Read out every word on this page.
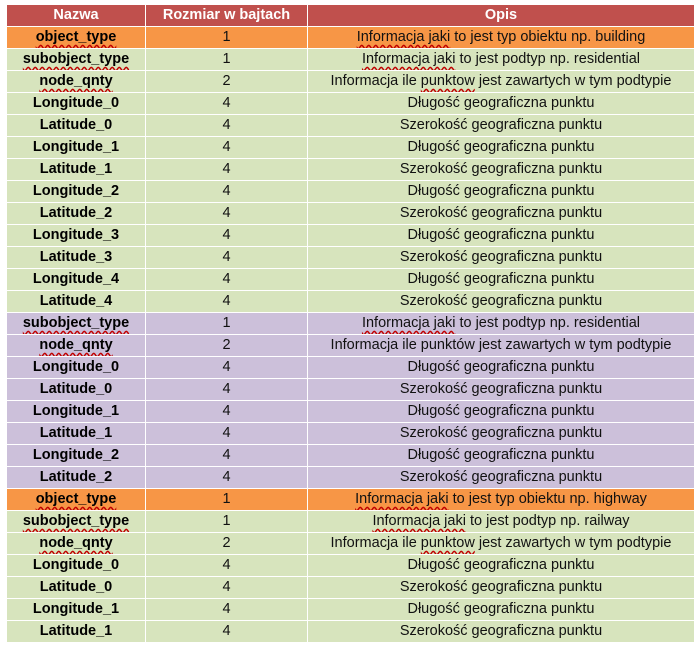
Nazwa	Rozmiar w bajtach	Opis
object_type	1	Informacja jaki to jest typ obiektu np. building
subobject_type	1	Informacja jaki to jest podtyp np. residential
node_qnty	2	Informacja ile punktow jest zawartych w tym podtypie
Longitude_0	4	Długość geograficzna punktu
Latitude_0	4	Szerokość geograficzna punktu
Longitude_1	4	Długość geograficzna punktu
Latitude_1	4	Szerokość geograficzna punktu
Longitude_2	4	Długość geograficzna punktu
Latitude_2	4	Szerokość geograficzna punktu
Longitude_3	4	Długość geograficzna punktu
Latitude_3	4	Szerokość geograficzna punktu
Longitude_4	4	Długość geograficzna punktu
Latitude_4	4	Szerokość geograficzna punktu
subobject_type	1	Informacja jaki to jest podtyp np. residential
node_qnty	2	Informacja ile punktów jest zawartych w tym podtypie
Longitude_0	4	Długość geograficzna punktu
Latitude_0	4	Szerokość geograficzna punktu
Longitude_1	4	Długość geograficzna punktu
Latitude_1	4	Szerokość geograficzna punktu
Longitude_2	4	Długość geograficzna punktu
Latitude_2	4	Szerokość geograficzna punktu
object_type	1	Informacja jaki to jest typ obiektu np. highway
subobject_type	1	Informacja jaki to jest podtyp np. railway
node_qnty	2	Informacja ile punktow jest zawartych w tym podtypie
Longitude_0	4	Długość geograficzna punktu
Latitude_0	4	Szerokość geograficzna punktu
Longitude_1	4	Długość geograficzna punktu
Latitude_1	4	Szerokość geograficzna punktu
